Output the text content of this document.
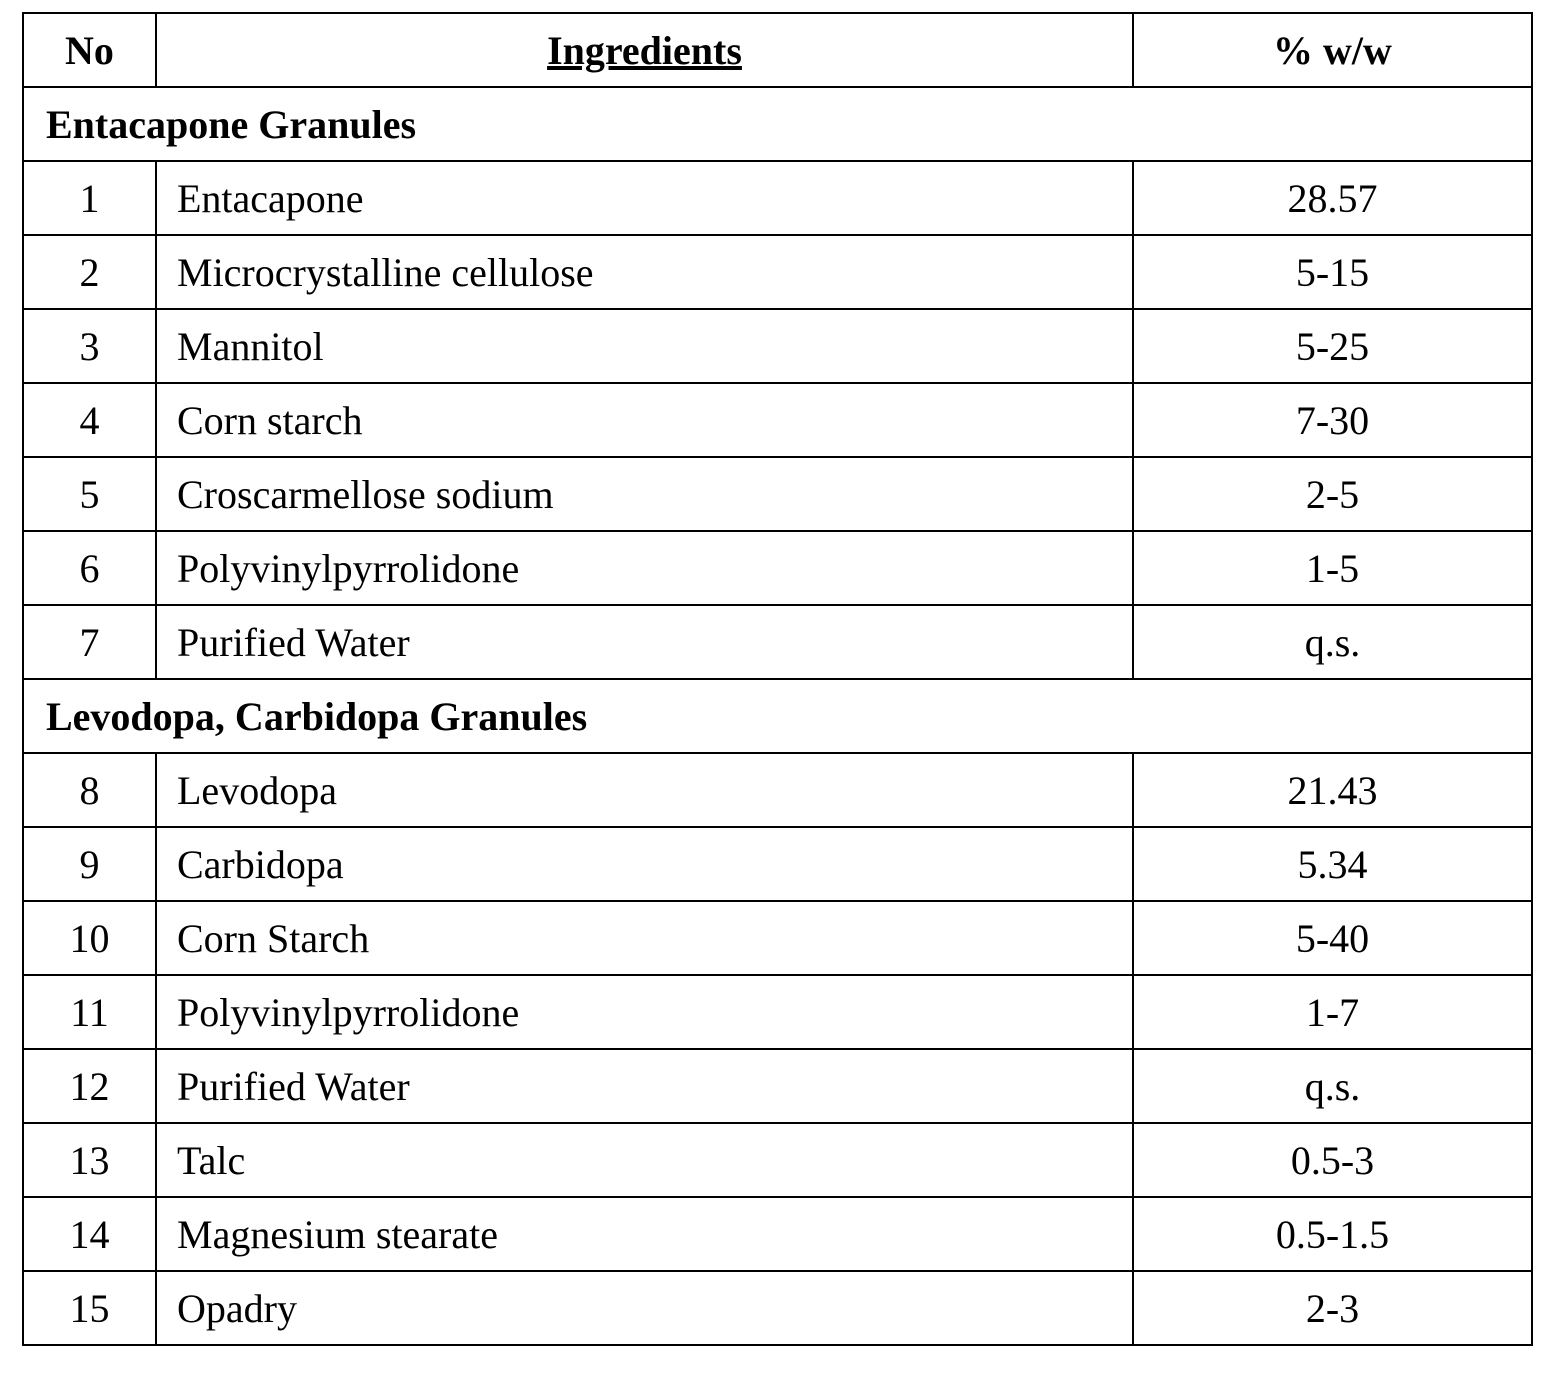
No	Ingredients	% w/w
Entacapone Granules
1	Entacapone	28.57
2	Microcrystalline cellulose	5-15
3	Mannitol	5-25
4	Corn starch	7-30
5	Croscarmellose sodium	2-5
6	Polyvinylpyrrolidone	1-5
7	Purified Water	q.s.
Levodopa, Carbidopa Granules
8	Levodopa	21.43
9	Carbidopa	5.34
10	Corn Starch	5-40
11	Polyvinylpyrrolidone	1-7
12	Purified Water	q.s.
13	Talc	0.5-3
14	Magnesium stearate	0.5-1.5
15	Opadry	2-3
